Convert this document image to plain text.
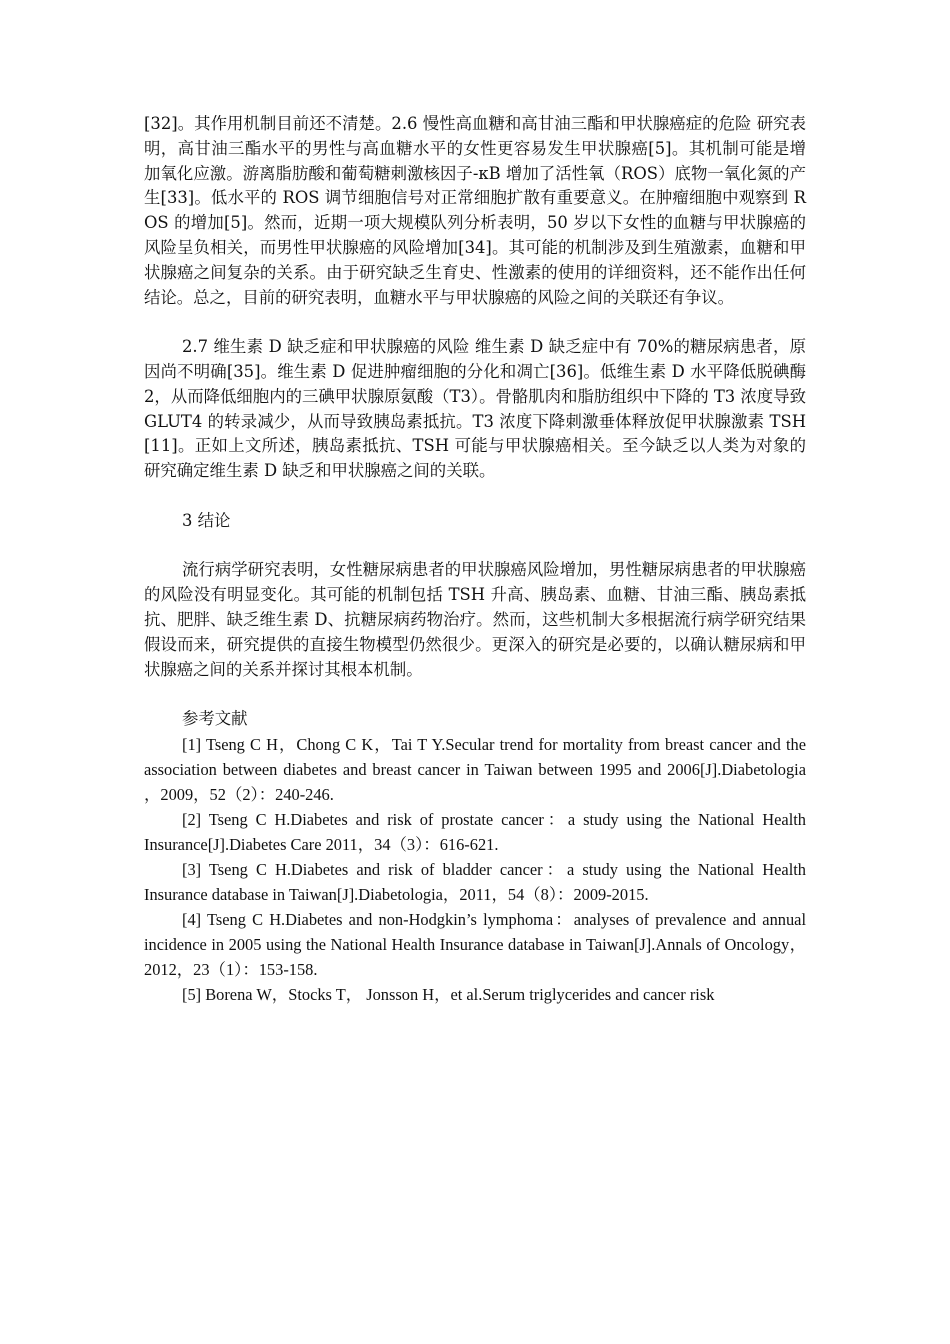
[32]。其作用机制目前还不清楚。2.6 慢性高血糖和高甘油三酯和甲状腺癌症的危险 研究表明，高甘油三酯水平的男性与高血糖水平的女性更容易发生甲状腺癌[5]。其机制可能是增加氧化应激。游离脂肪酸和葡萄糖刺激核因子-κB 增加了活性氧（ROS）底物一氧化氮的产生[33]。低水平的 ROS 调节细胞信号对正常细胞扩散有重要意义。在肿瘤细胞中观察到 ROS 的增加[5]。然而，近期一项大规模队列分析表明，50 岁以下女性的血糖与甲状腺癌的风险呈负相关，而男性甲状腺癌的风险增加[34]。其可能的机制涉及到生殖激素，血糖和甲状腺癌之间复杂的关系。由于研究缺乏生育史、性激素的使用的详细资料，还不能作出任何结论。总之，目前的研究表明，血糖水平与甲状腺癌的风险之间的关联还有争议。

2.7 维生素 D 缺乏症和甲状腺癌的风险 维生素 D 缺乏症中有 70%的糖尿病患者，原因尚不明确[35]。维生素 D 促进肿瘤细胞的分化和凋亡[36]。低维生素 D 水平降低脱碘酶 2，从而降低细胞内的三碘甲状腺原氨酸（T3）。骨骼肌肉和脂肪组织中下降的 T3 浓度导致 GLUT4 的转录减少，从而导致胰岛素抵抗。T3 浓度下降刺激垂体释放促甲状腺激素 TSH[11]。正如上文所述，胰岛素抵抗、TSH 可能与甲状腺癌相关。至今缺乏以人类为对象的研究确定维生素 D 缺乏和甲状腺癌之间的关联。

3 结论

流行病学研究表明，女性糖尿病患者的甲状腺癌风险增加，男性糖尿病患者的甲状腺癌的风险没有明显变化。其可能的机制包括 TSH 升高、胰岛素、血糖、甘油三酯、胰岛素抵抗、肥胖、缺乏维生素 D、抗糖尿病药物治疗。然而，这些机制大多根据流行病学研究结果假设而来，研究提供的直接生物模型仍然很少。更深入的研究是必要的，以确认糖尿病和甲状腺癌之间的关系并探讨其根本机制。

参考文献

[1] Tseng C H，Chong C K，Tai T Y.Secular trend for mortality from breast cancer and the association between diabetes and breast cancer in Taiwan between 1995 and 2006[J].Diabetologia ，2009，52（2）：240-246.

[2] Tseng C H.Diabetes and risk of prostate cancer：a study using the National Health Insurance[J].Diabetes Care 2011，34（3）：616-621.

[3] Tseng C H.Diabetes and risk of bladder cancer：a study using the National Health Insurance database in Taiwan[J].Diabetologia，2011，54（8）：2009-2015.

[4] Tseng C H.Diabetes and non-Hodgkin’s lymphoma：analyses of prevalence and annual incidence in 2005 using the National Health Insurance database in Taiwan[J].Annals of Oncology，2012，23（1）：153-158.

[5] Borena W，Stocks T， Jonsson H，et al.Serum triglycerides and cancer risk
